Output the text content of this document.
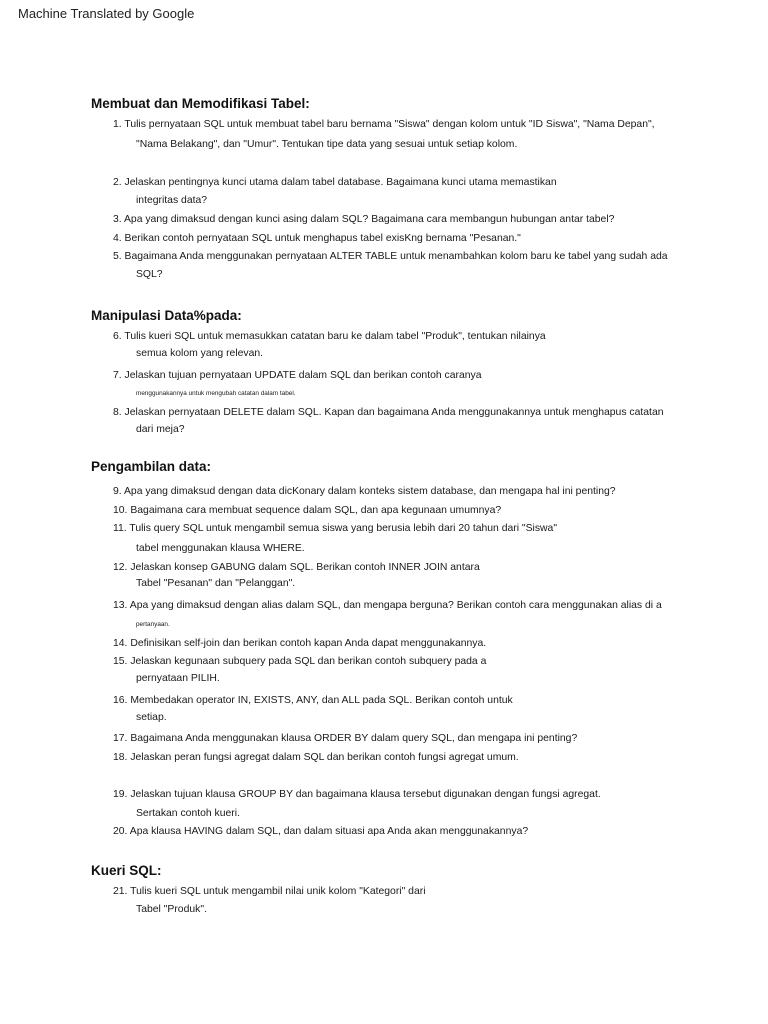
Machine Translated by Google
Membuat dan Memodifikasi Tabel:
1. Tulis pernyataan SQL untuk membuat tabel baru bernama "Siswa" dengan kolom untuk "ID Siswa", "Nama Depan",
"Nama Belakang", dan "Umur". Tentukan tipe data yang sesuai untuk setiap kolom.
2. Jelaskan pentingnya kunci utama dalam tabel database. Bagaimana kunci utama memastikan
integritas data?
3. Apa yang dimaksud dengan kunci asing dalam SQL? Bagaimana cara membangun hubungan antar tabel?
4. Berikan contoh pernyataan SQL untuk menghapus tabel exisKng bernama "Pesanan."
5. Bagaimana Anda menggunakan pernyataan ALTER TABLE untuk menambahkan kolom baru ke tabel yang sudah ada
SQL?
Manipulasi Data%pada:
6. Tulis kueri SQL untuk memasukkan catatan baru ke dalam tabel "Produk", tentukan nilainya
semua kolom yang relevan.
7. Jelaskan tujuan pernyataan UPDATE dalam SQL dan berikan contoh caranya
menggunakannya untuk mengubah catatan dalam tabel.
8. Jelaskan pernyataan DELETE dalam SQL. Kapan dan bagaimana Anda menggunakannya untuk menghapus catatan
dari meja?
Pengambilan data:
9. Apa yang dimaksud dengan data dicKonary dalam konteks sistem database, dan mengapa hal ini penting?
10. Bagaimana cara membuat sequence dalam SQL, dan apa kegunaan umumnya?
11. Tulis query SQL untuk mengambil semua siswa yang berusia lebih dari 20 tahun dari "Siswa"
tabel menggunakan klausa WHERE.
12. Jelaskan konsep GABUNG dalam SQL. Berikan contoh INNER JOIN antara
Tabel "Pesanan" dan "Pelanggan".
13. Apa yang dimaksud dengan alias dalam SQL, dan mengapa berguna? Berikan contoh cara menggunakan alias di a
pertanyaan.
14. Definisikan self-join dan berikan contoh kapan Anda dapat menggunakannya.
15. Jelaskan kegunaan subquery pada SQL dan berikan contoh subquery pada a
pernyataan PILIH.
16. Membedakan operator IN, EXISTS, ANY, dan ALL pada SQL. Berikan contoh untuk
setiap.
17. Bagaimana Anda menggunakan klausa ORDER BY dalam query SQL, dan mengapa ini penting?
18. Jelaskan peran fungsi agregat dalam SQL dan berikan contoh fungsi agregat umum.
19. Jelaskan tujuan klausa GROUP BY dan bagaimana klausa tersebut digunakan dengan fungsi agregat.
Sertakan contoh kueri.
20. Apa klausa HAVING dalam SQL, dan dalam situasi apa Anda akan menggunakannya?
Kueri SQL:
21. Tulis kueri SQL untuk mengambil nilai unik kolom "Kategori" dari
Tabel "Produk".
